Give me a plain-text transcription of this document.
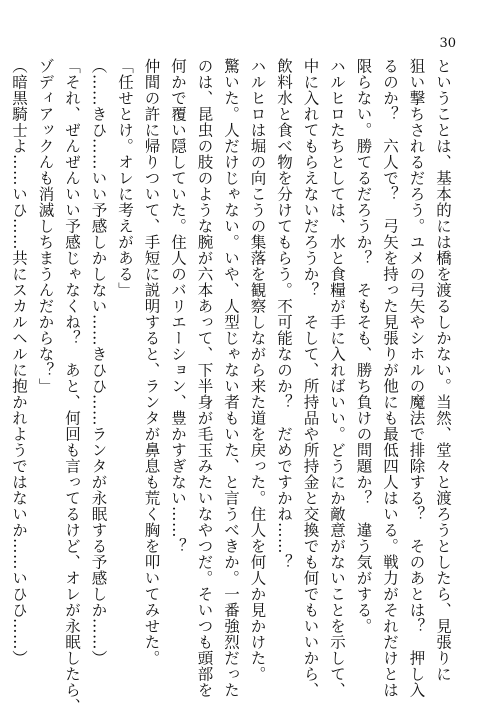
30
ということは、基本的には橋を渡るしかない。当然、堂々と渡ろうとしたら、見張りに
狙い撃ちされるだろう。ユメの弓矢やシホルの魔法で排除する？　そのあとは？　押し入
るのか？　六人で？　弓矢を持った見張りが他にも最低四人はいる。戦力がそれだけとは
限らない。勝てるだろうか？　そもそも、勝ち負けの問題か？　違う気がする。
ハルヒロたちとしては、水と食糧が手に入ればいい。どうにか敵意がないことを示して、
中に入れてもらえないだろうか？　そして、所持品や所持金と交換でも何でもいいから、
飲料水と食べ物を分けてもらう。不可能なのか？　だめですかね……？
ハルヒロは堀の向こうの集落を観察しながら来た道を戻った。住人を何人か見かけた。
驚いた。人だけじゃない。いや、人型じゃない者もいた、と言うべきか。一番強烈だった
のは、昆虫の肢のような腕が六本あって、下半身が毛玉みたいなやつだ。そいつも頭部を
何かで覆い隠していた。住人のバリエーション、豊かすぎない……？
仲間の許に帰りついて、手短に説明すると、ランタが鼻息も荒く胸を叩いてみせた。
「任せとけ。オレに考えがある」
（……きひ……いい予感しかしない……きひひ……ランタが永眠する予感しか……）
「それ、ぜんぜんいい予感じゃなくね？　あと、何回も言ってるけど、オレが永眠したら、
ゾディアックんも消滅しちまうんだからな？」
（暗黒騎士よ……いひ……共にスカルヘルに抱かれようではないか……いひひ……）
